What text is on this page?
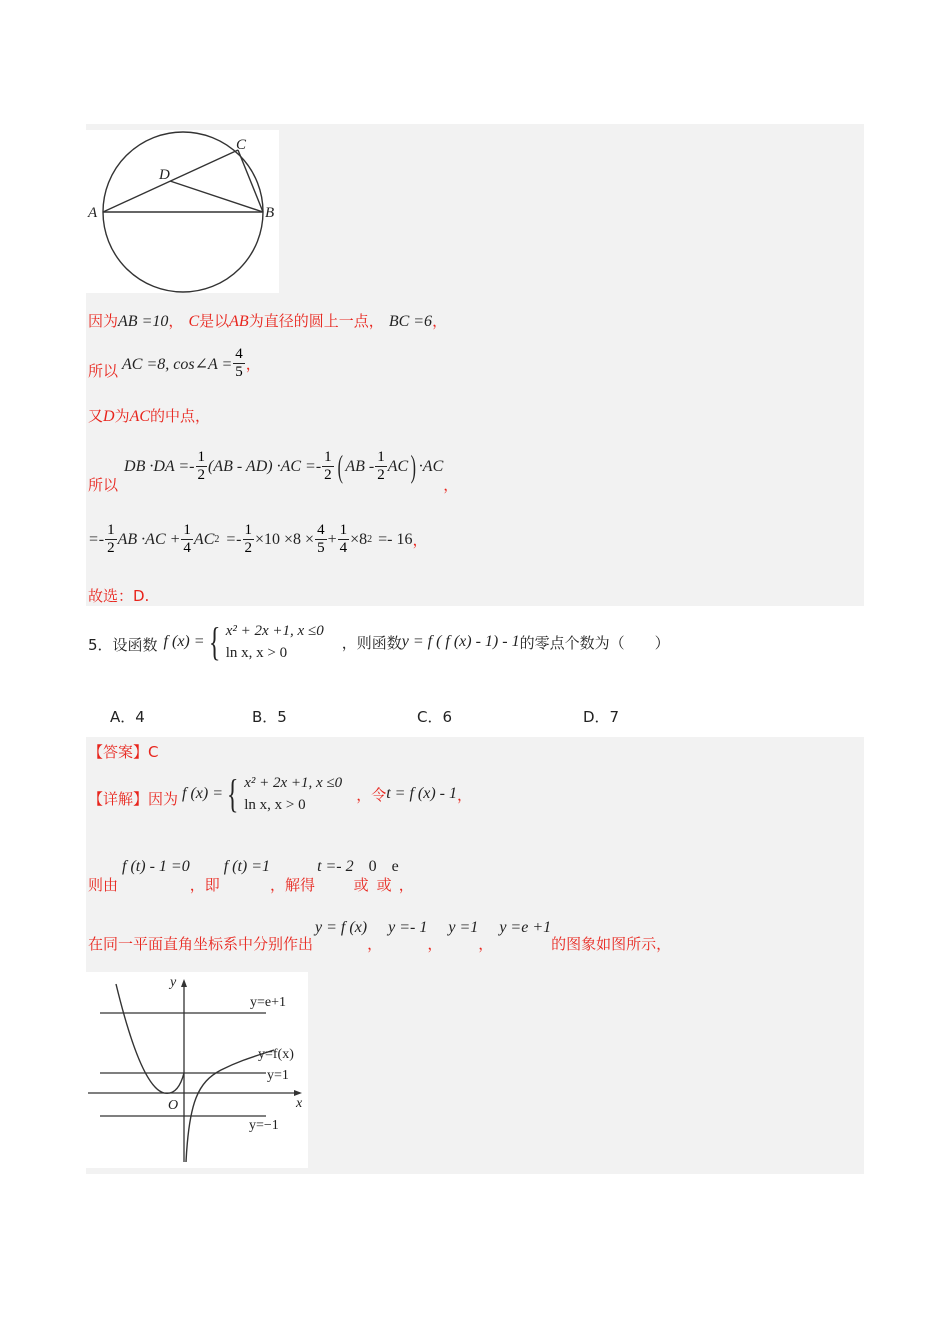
A	B
C
D
因为AB =10， C是以AB为直径的圆上一点， BC =6，
所以 AC =8, cos∠A = $\frac{4}{5}$ ，
又D为AC的中点，
所以
DB $\cdot DA =- \frac{1}{2} (AB - AD) \cdot AC =- \frac{1}{2}$ ( AB - $\frac{1}{2}$ AC ) ·AC
，
=- $\frac{1}{2}$ AB $\cdot AC + \frac{1}{4}$ AC $2 =- \frac{1}{2} \times 10 \times 8 \times \frac{4}{5} + \frac{1}{4} \times 8$ 2 =- 16 ，
故选：D.
5．设函数 f (x) = { x² + 2x +1, x ≤0
ln x, x > 0
，则函数 y = f ( f (x) - 1) - 1 的零点个数为（　　）
A．4	B．5	C．6	D．7
【答案】C
【详解】 因为 f (x) = { x² + 2x +1, x ≤0
ln x, x > 0
，令 t = f (x) - 1 ，
则由
f (t) - 1 =0
，即
f (t) =1
，解得
t =- 2
或
0
或
e
，
在同一平面直角坐标系中分别作出
y = f (x)
，
y =- 1
，
y =1
，
y =e +1
的图象如图所示，
y
x
O
y=e+1
y=f(x)
y=1
y=−1
